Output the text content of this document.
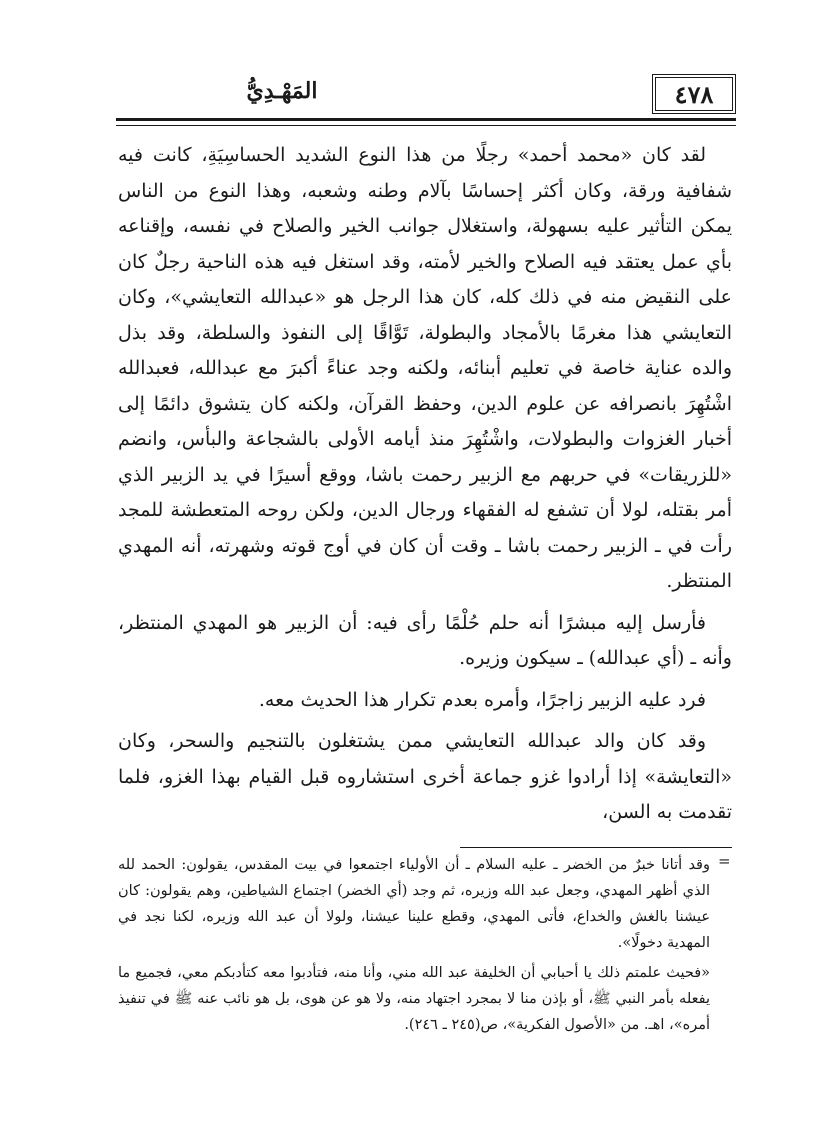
٤٧٨
المَهْـدِيُّ

لقد كان «محمد أحمد» رجلًا من هذا النوع الشديد الحساسِيَةِ، كانت فيه شفافية ورقة، وكان أكثر إحساسًا بآلام وطنه وشعبه، وهذا النوع من الناس يمكن التأثير عليه بسهولة، واستغلال جوانب الخير والصلاح في نفسه، وإقناعه بأي عمل يعتقد فيه الصلاح والخير لأمته، وقد استغل فيه هذه الناحية رجلٌ كان على النقيض منه في ذلك كله، كان هذا الرجل هو «عبدالله التعايشي»، وكان التعايشي هذا مغرمًا بالأمجاد والبطولة، تَوَّاقًا إلى النفوذ والسلطة، وقد بذل والده عناية خاصة في تعليم أبنائه، ولكنه وجد عناءً أكبرَ مع عبدالله، فعبدالله اشْتُهِرَ بانصرافه عن علوم الدين، وحفظ القرآن، ولكنه كان يتشوق دائمًا إلى أخبار الغزوات والبطولات، واشْتُهِرَ منذ أيامه الأولى بالشجاعة والبأس، وانضم «للزريقات» في حربهم مع الزبير رحمت باشا، ووقع أسيرًا في يد الزبير الذي أمر بقتله، لولا أن تشفع له الفقهاء ورجال الدين، ولكن روحه المتعطشة للمجد رأت في ـ الزبير رحمت باشا ـ وقت أن كان في أوج قوته وشهرته، أنه المهدي المنتظر.

فأرسل إليه مبشرًا أنه حلم حُلْمًا رأى فيه: أن الزبير هو المهدي المنتظر، وأنه ـ (أي عبدالله) ـ سيكون وزيره.

فرد عليه الزبير زاجرًا، وأمره بعدم تكرار هذا الحديث معه.

وقد كان والد عبدالله التعايشي ممن يشتغلون بالتنجيم والسحر، وكان «التعايشة» إذا أرادوا غزو جماعة أخرى استشاروه قبل القيام بهذا الغزو، فلما تقدمت به السن،

=

وقد أتانا خبرٌ من الخضر ـ عليه السلام ـ أن الأولياء اجتمعوا في بيت المقدس، يقولون: الحمد لله الذي أظهر المهدي، وجعل عبد الله وزيره، ثم وجد (أي الخضر) اجتماع الشياطين، وهم يقولون: كان عيشنا بالغش والخداع، فأتى المهدي، وقطع علينا عيشنا، ولولا أن عبد الله وزيره، لكنا نجد في المهدية دخولًا».

«فحيث علمتم ذلك يا أحبابي أن الخليفة عبد الله مني، وأنا منه، فتأدبوا معه كتأدبكم معي، فجميع ما يفعله بأمر النبي ﷺ، أو بإذن منا لا بمجرد اجتهاد منه، ولا هو عن هوى، بل هو نائب عنه ﷺ في تنفيذ أمره»، اهـ. من «الأصول الفكرية»، ص(٢٤٥ ـ ٢٤٦).
